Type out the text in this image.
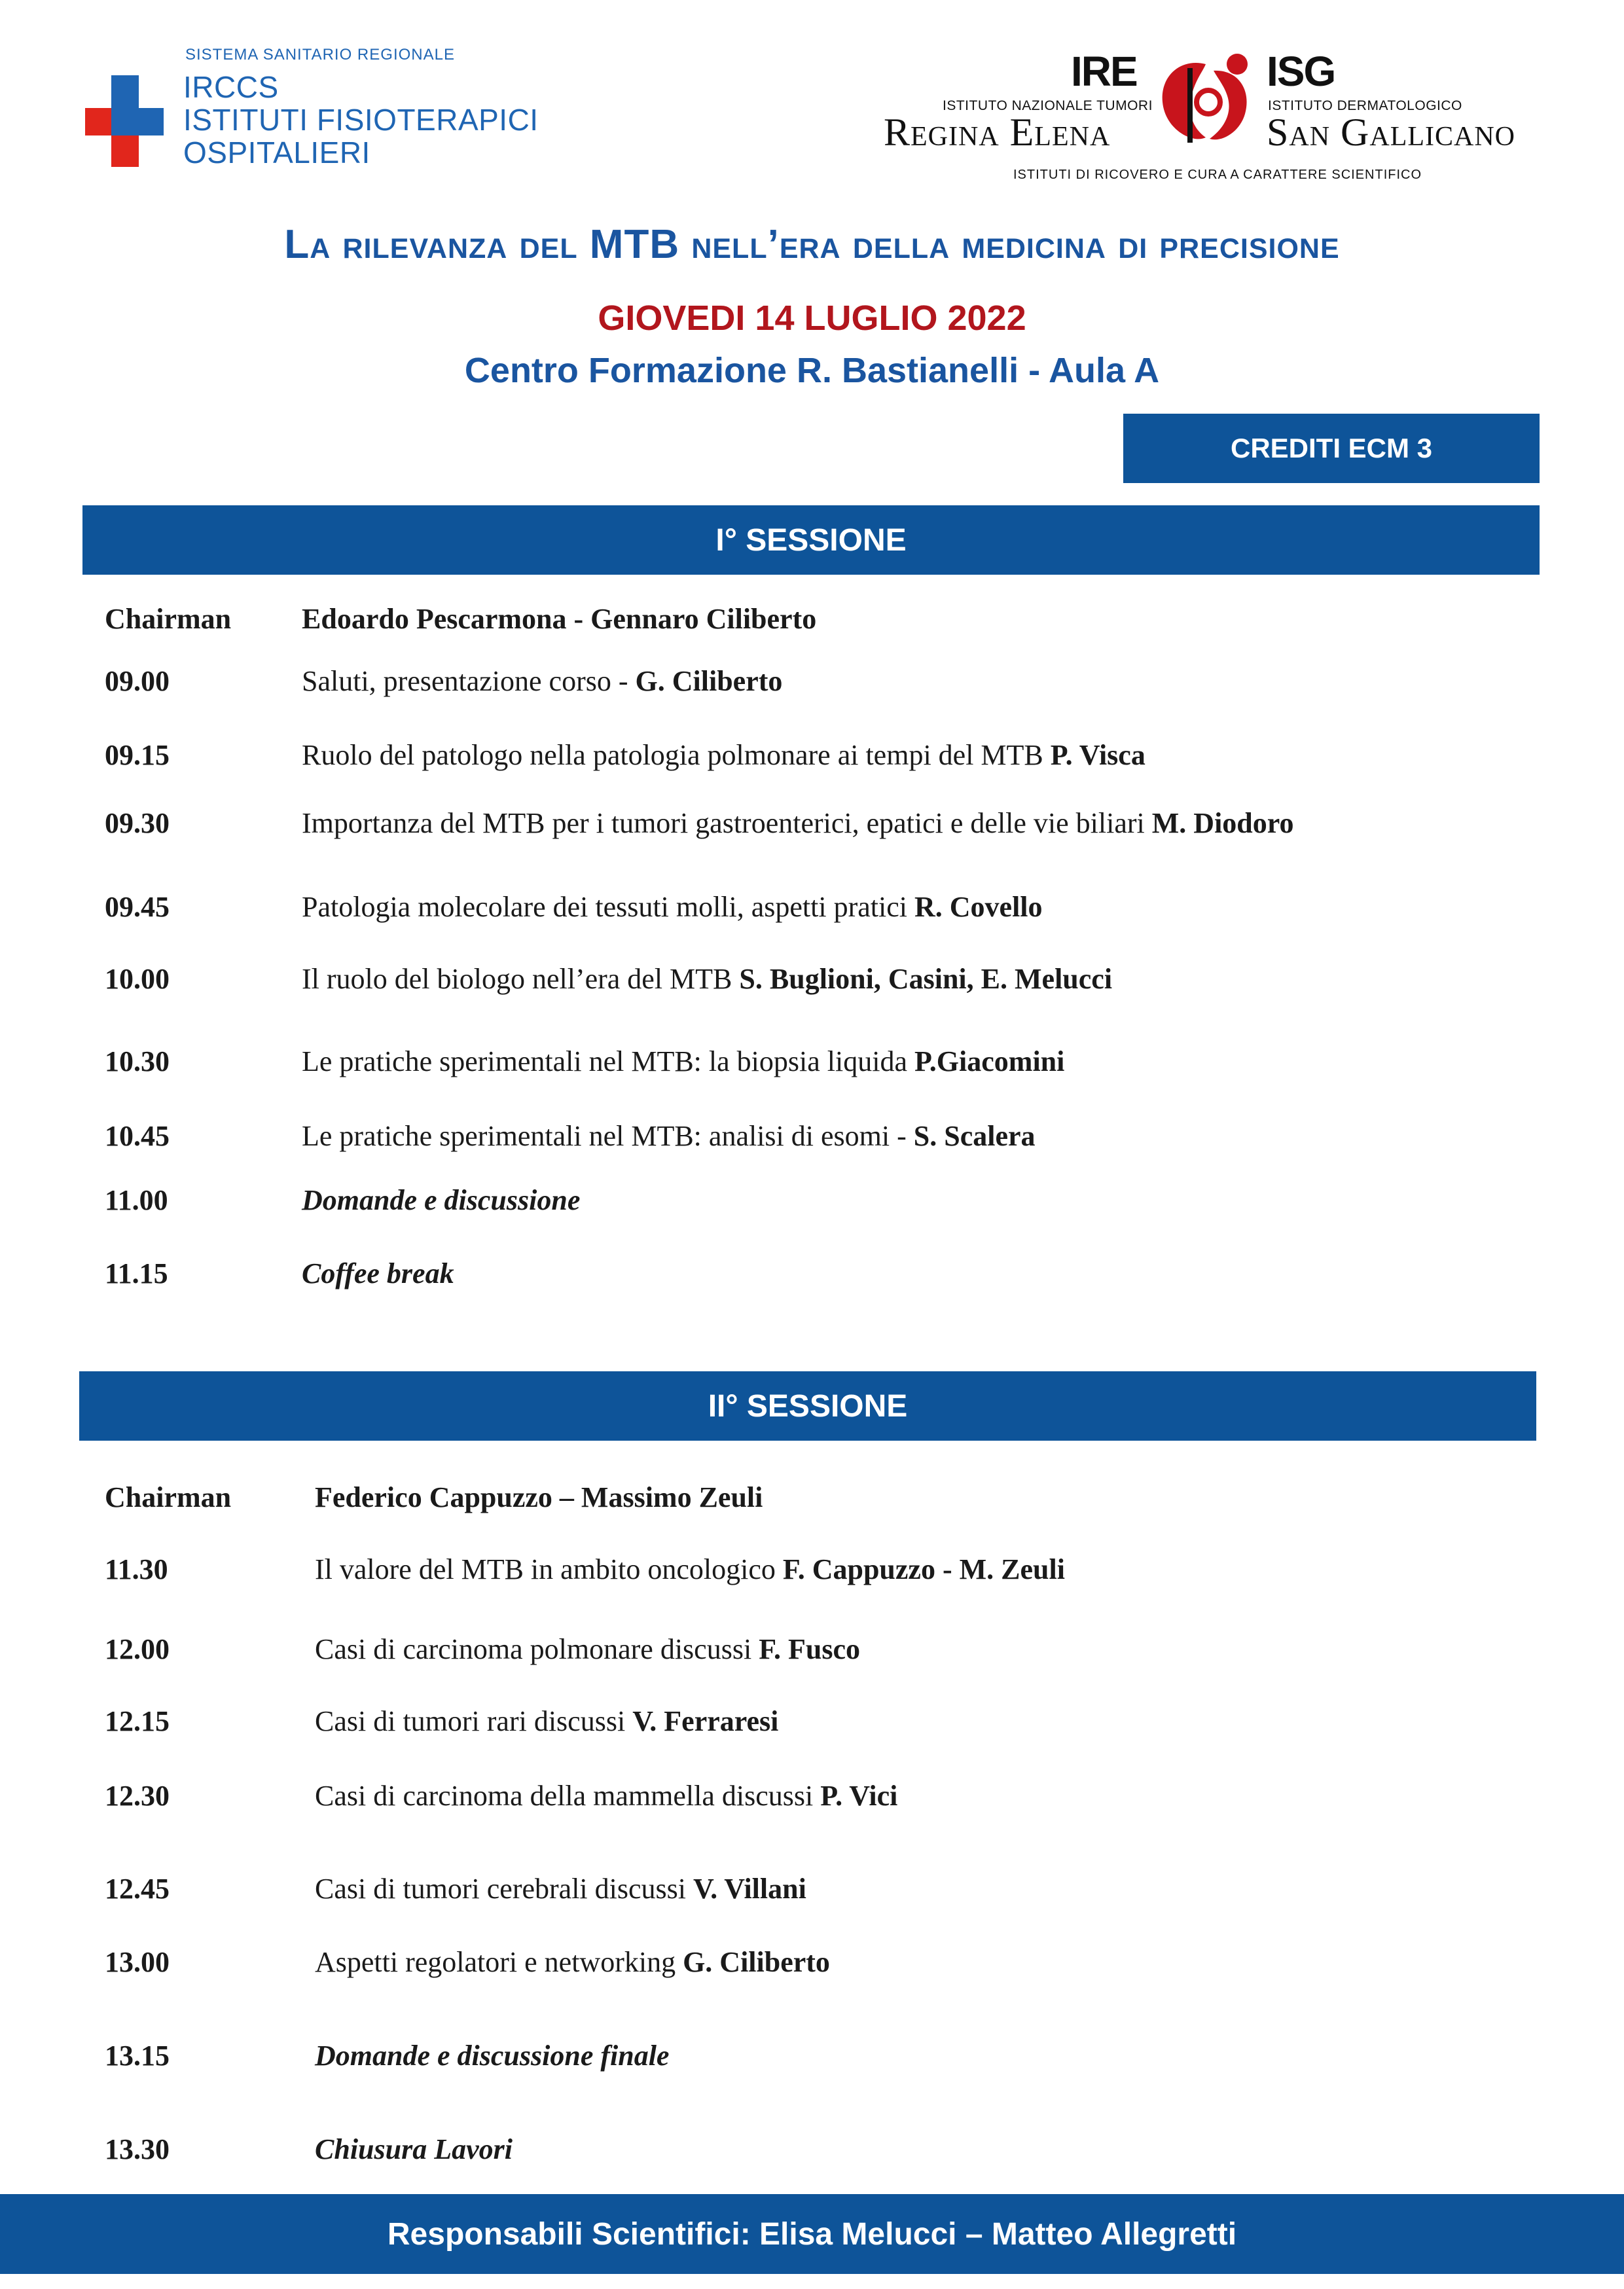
SISTEMA SANITARIO REGIONALE
IRCCS
ISTITUTI FISIOTERAPICI
OSPITALIERI
IRE
ISTITUTO NAZIONALE TUMORI
Regina Elena
ISG
ISTITUTO DERMATOLOGICO
San Gallicano
ISTITUTI DI RICOVERO E CURA A CARATTERE SCIENTIFICO
La rilevanza del MTB nell’era della medicina di precisione
GIOVEDI 14 LUGLIO 2022
Centro Formazione R. Bastianelli - Aula A
CREDITI ECM 3
I° SESSIONE
Chairman Edoardo Pescarmona - Gennaro Ciliberto
09.00	Saluti, presentazione corso - G. Ciliberto
09.15	Ruolo del patologo nella patologia polmonare ai tempi del MTB P. Visca
09.30	Importanza del MTB per i tumori gastroenterici, epatici e delle vie biliari M. Diodoro
09.45	Patologia molecolare dei tessuti molli, aspetti pratici R. Covello
10.00	Il ruolo del biologo nell’era del MTB S. Buglioni, Casini, E. Melucci
10.30	Le pratiche sperimentali nel MTB: la biopsia liquida P.Giacomini
10.45	Le pratiche sperimentali nel MTB: analisi di esomi - S. Scalera
11.00	Domande e discussione
11.15	Coffee break
II° SESSIONE
Chairman	Federico Cappuzzo – Massimo Zeuli
11.30	Il valore del MTB in ambito oncologico F. Cappuzzo - M. Zeuli
12.00	Casi di carcinoma polmonare discussi F. Fusco
12.15	Casi di tumori rari discussi V. Ferraresi
12.30	Casi di carcinoma della mammella discussi P. Vici
12.45	Casi di tumori cerebrali discussi V. Villani
13.00	Aspetti regolatori e networking G. Ciliberto
13.15	Domande e discussione finale
13.30	Chiusura Lavori
Responsabili Scientifici: Elisa Melucci – Matteo Allegretti
